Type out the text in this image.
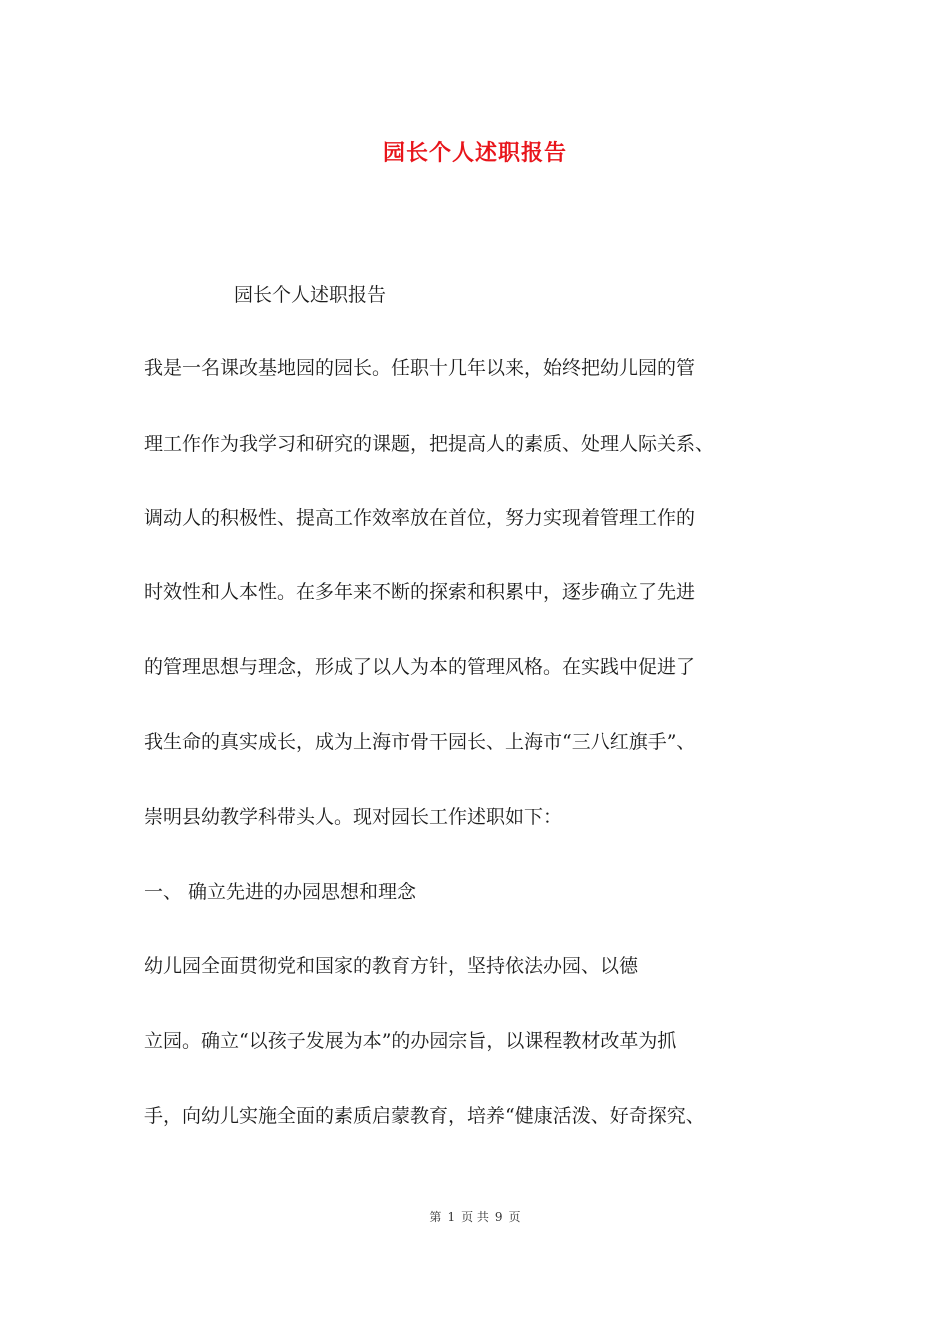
园长个人述职报告
园长个人述职报告
我是一名课改基地园的园长。任职十几年以来，始终把幼儿园的管
理工作作为我学习和研究的课题，把提高人的素质、处理人际关系、
调动人的积极性、提高工作效率放在首位，努力实现着管理工作的
时效性和人本性。在多年来不断的探索和积累中，逐步确立了先进
的管理思想与理念，形成了以人为本的管理风格。在实践中促进了
我生命的真实成长，成为上海市骨干园长、上海市“三八红旗手”、
崇明县幼教学科带头人。现对园长工作述职如下：
一、 确立先进的办园思想和理念
幼儿园全面贯彻党和国家的教育方针，坚持依法办园、以德
立园。确立“以孩子发展为本”的办园宗旨，以课程教材改革为抓
手，向幼儿实施全面的素质启蒙教育，培养“健康活泼、好奇探究、
第 1 页 共 9 页
